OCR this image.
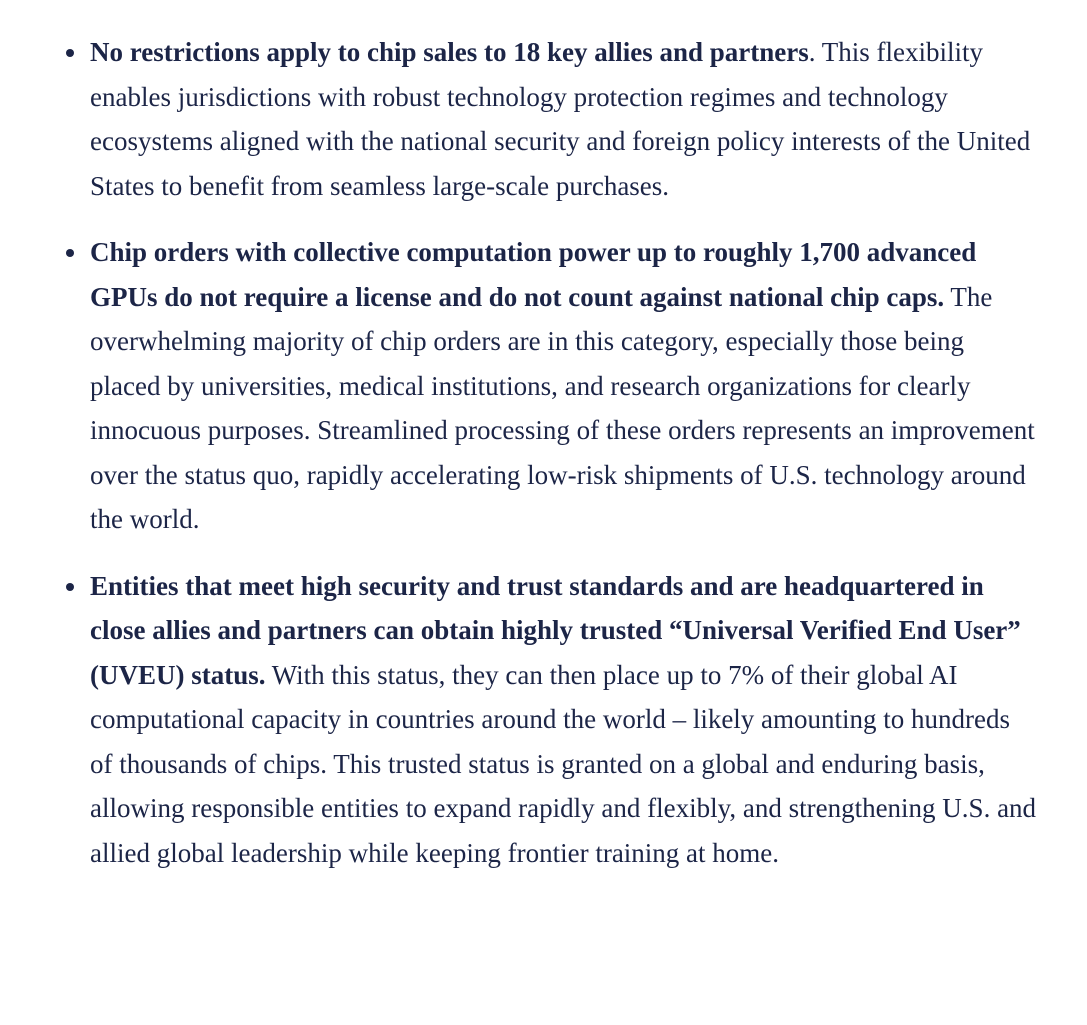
No restrictions apply to chip sales to 18 key allies and partners. This flexibility enables jurisdictions with robust technology protection regimes and technology ecosystems aligned with the national security and foreign policy interests of the United States to benefit from seamless large-scale purchases.
Chip orders with collective computation power up to roughly 1,700 advanced GPUs do not require a license and do not count against national chip caps. The overwhelming majority of chip orders are in this category, especially those being placed by universities, medical institutions, and research organizations for clearly innocuous purposes. Streamlined processing of these orders represents an improvement over the status quo, rapidly accelerating low-risk shipments of U.S. technology around the world.
Entities that meet high security and trust standards and are headquartered in close allies and partners can obtain highly trusted “Universal Verified End User” (UVEU) status. With this status, they can then place up to 7% of their global AI computational capacity in countries around the world – likely amounting to hundreds of thousands of chips. This trusted status is granted on a global and enduring basis, allowing responsible entities to expand rapidly and flexibly, and strengthening U.S. and allied global leadership while keeping frontier training at home.
